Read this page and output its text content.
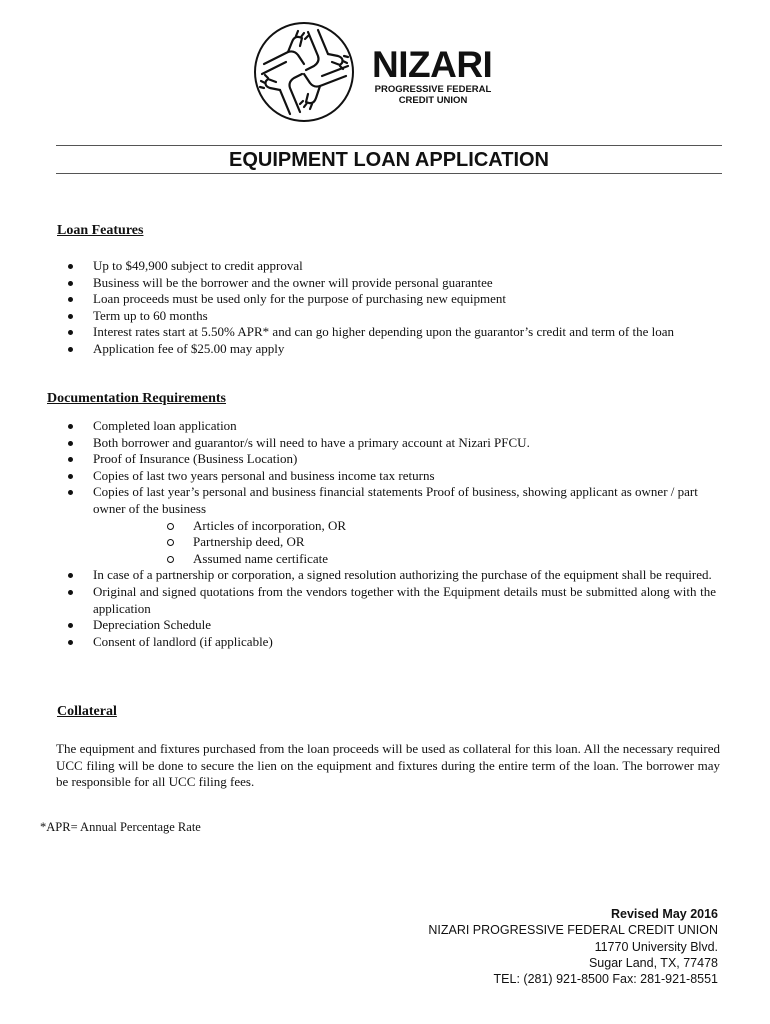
NIZARI
PROGRESSIVE FEDERAL
CREDIT UNION
EQUIPMENT LOAN APPLICATION
Loan Features
Up to $49,900 subject to credit approval
Business will be the borrower and the owner will provide personal guarantee
Loan proceeds must be used only for the purpose of purchasing new equipment
Term up to 60 months
Interest rates start at 5.50% APR* and can go higher depending upon the guarantor’s credit and term of the loan
Application fee of $25.00 may apply
Documentation Requirements
Completed loan application
Both borrower and guarantor/s will need to have a primary account at Nizari PFCU.
Proof of Insurance (Business Location)
Copies of last two years personal and business income tax returns
Copies of last year’s personal and business financial statements Proof of business, showing applicant as owner / part owner of the business
Articles of incorporation, OR
Partnership deed, OR
Assumed name certificate
In case of a partnership or corporation, a signed resolution authorizing the purchase of the equipment shall be required.
Original and signed quotations from the vendors together with the Equipment details must be submitted along with the application
Depreciation Schedule
Consent of landlord (if applicable)
Collateral
The equipment and fixtures purchased from the loan proceeds will be used as collateral for this loan. All the necessary required UCC filing will be done to secure the lien on the equipment and fixtures during the entire term of the loan. The borrower may be responsible for all UCC filing fees.
*APR= Annual Percentage Rate
Revised May 2016
NIZARI PROGRESSIVE FEDERAL CREDIT UNION
11770 University Blvd.
Sugar Land, TX, 77478
TEL: (281) 921-8500 Fax: 281-921-8551
